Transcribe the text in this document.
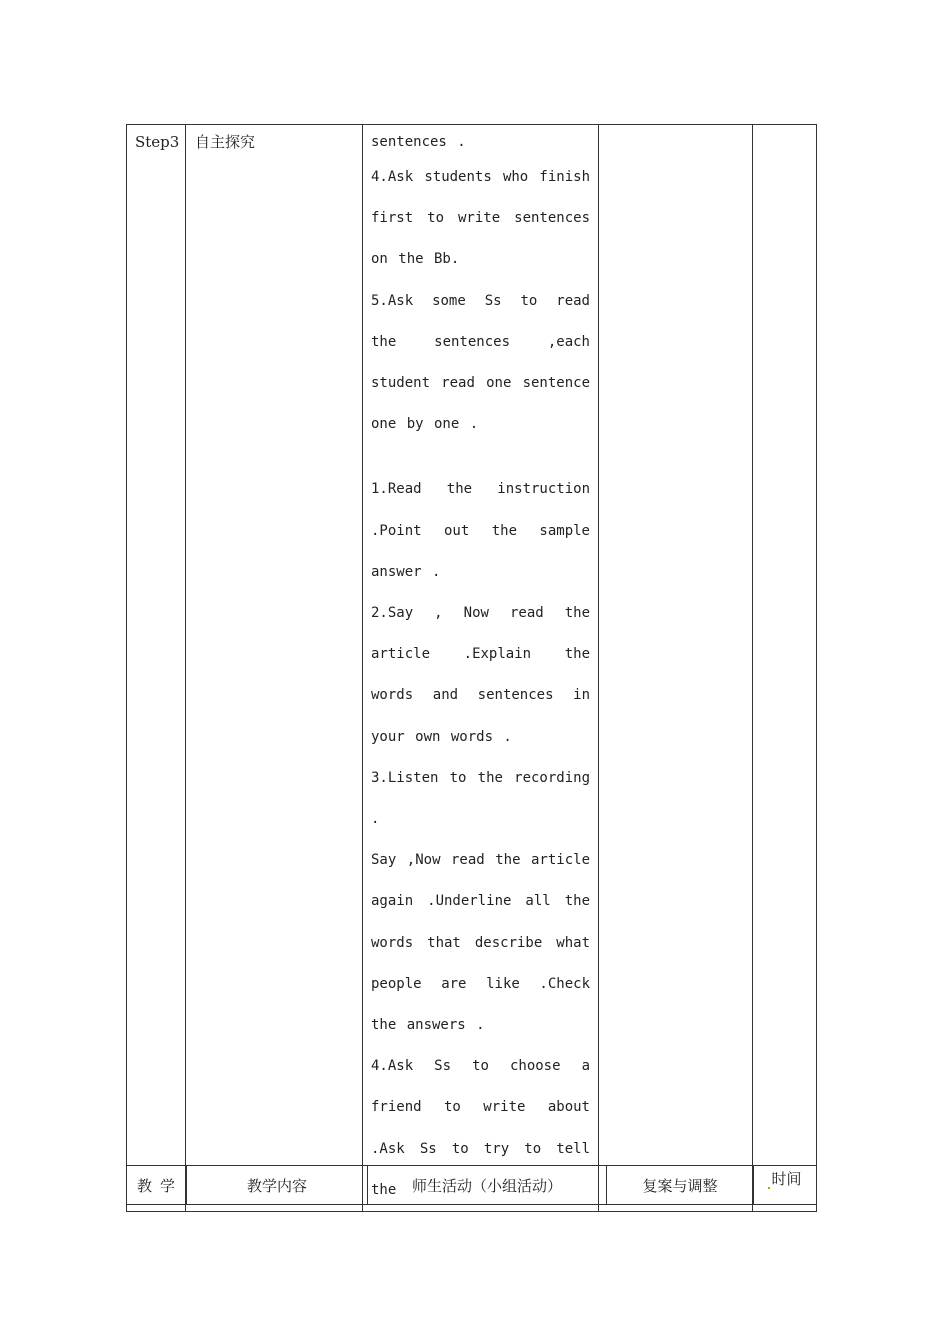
Step3	自主探究	sentences .

4.Ask students who finish first to write sentences on the Bb.

5.Ask some Ss to read the sentences ,each student read one sentence one by one .

1.Read the instruction .Point out the sample answer .

2.Say , Now read the article .Explain the words and sentences in your own words .

3.Listen to the recording .

Say ,Now read the article again .Underline all the words that describe what people are like .Check the answers .

4.Ask Ss to choose a friend to write about .Ask Ss to try to tell the

教学	教学内容	师生活动（小组活动）	复案与调整	时间
